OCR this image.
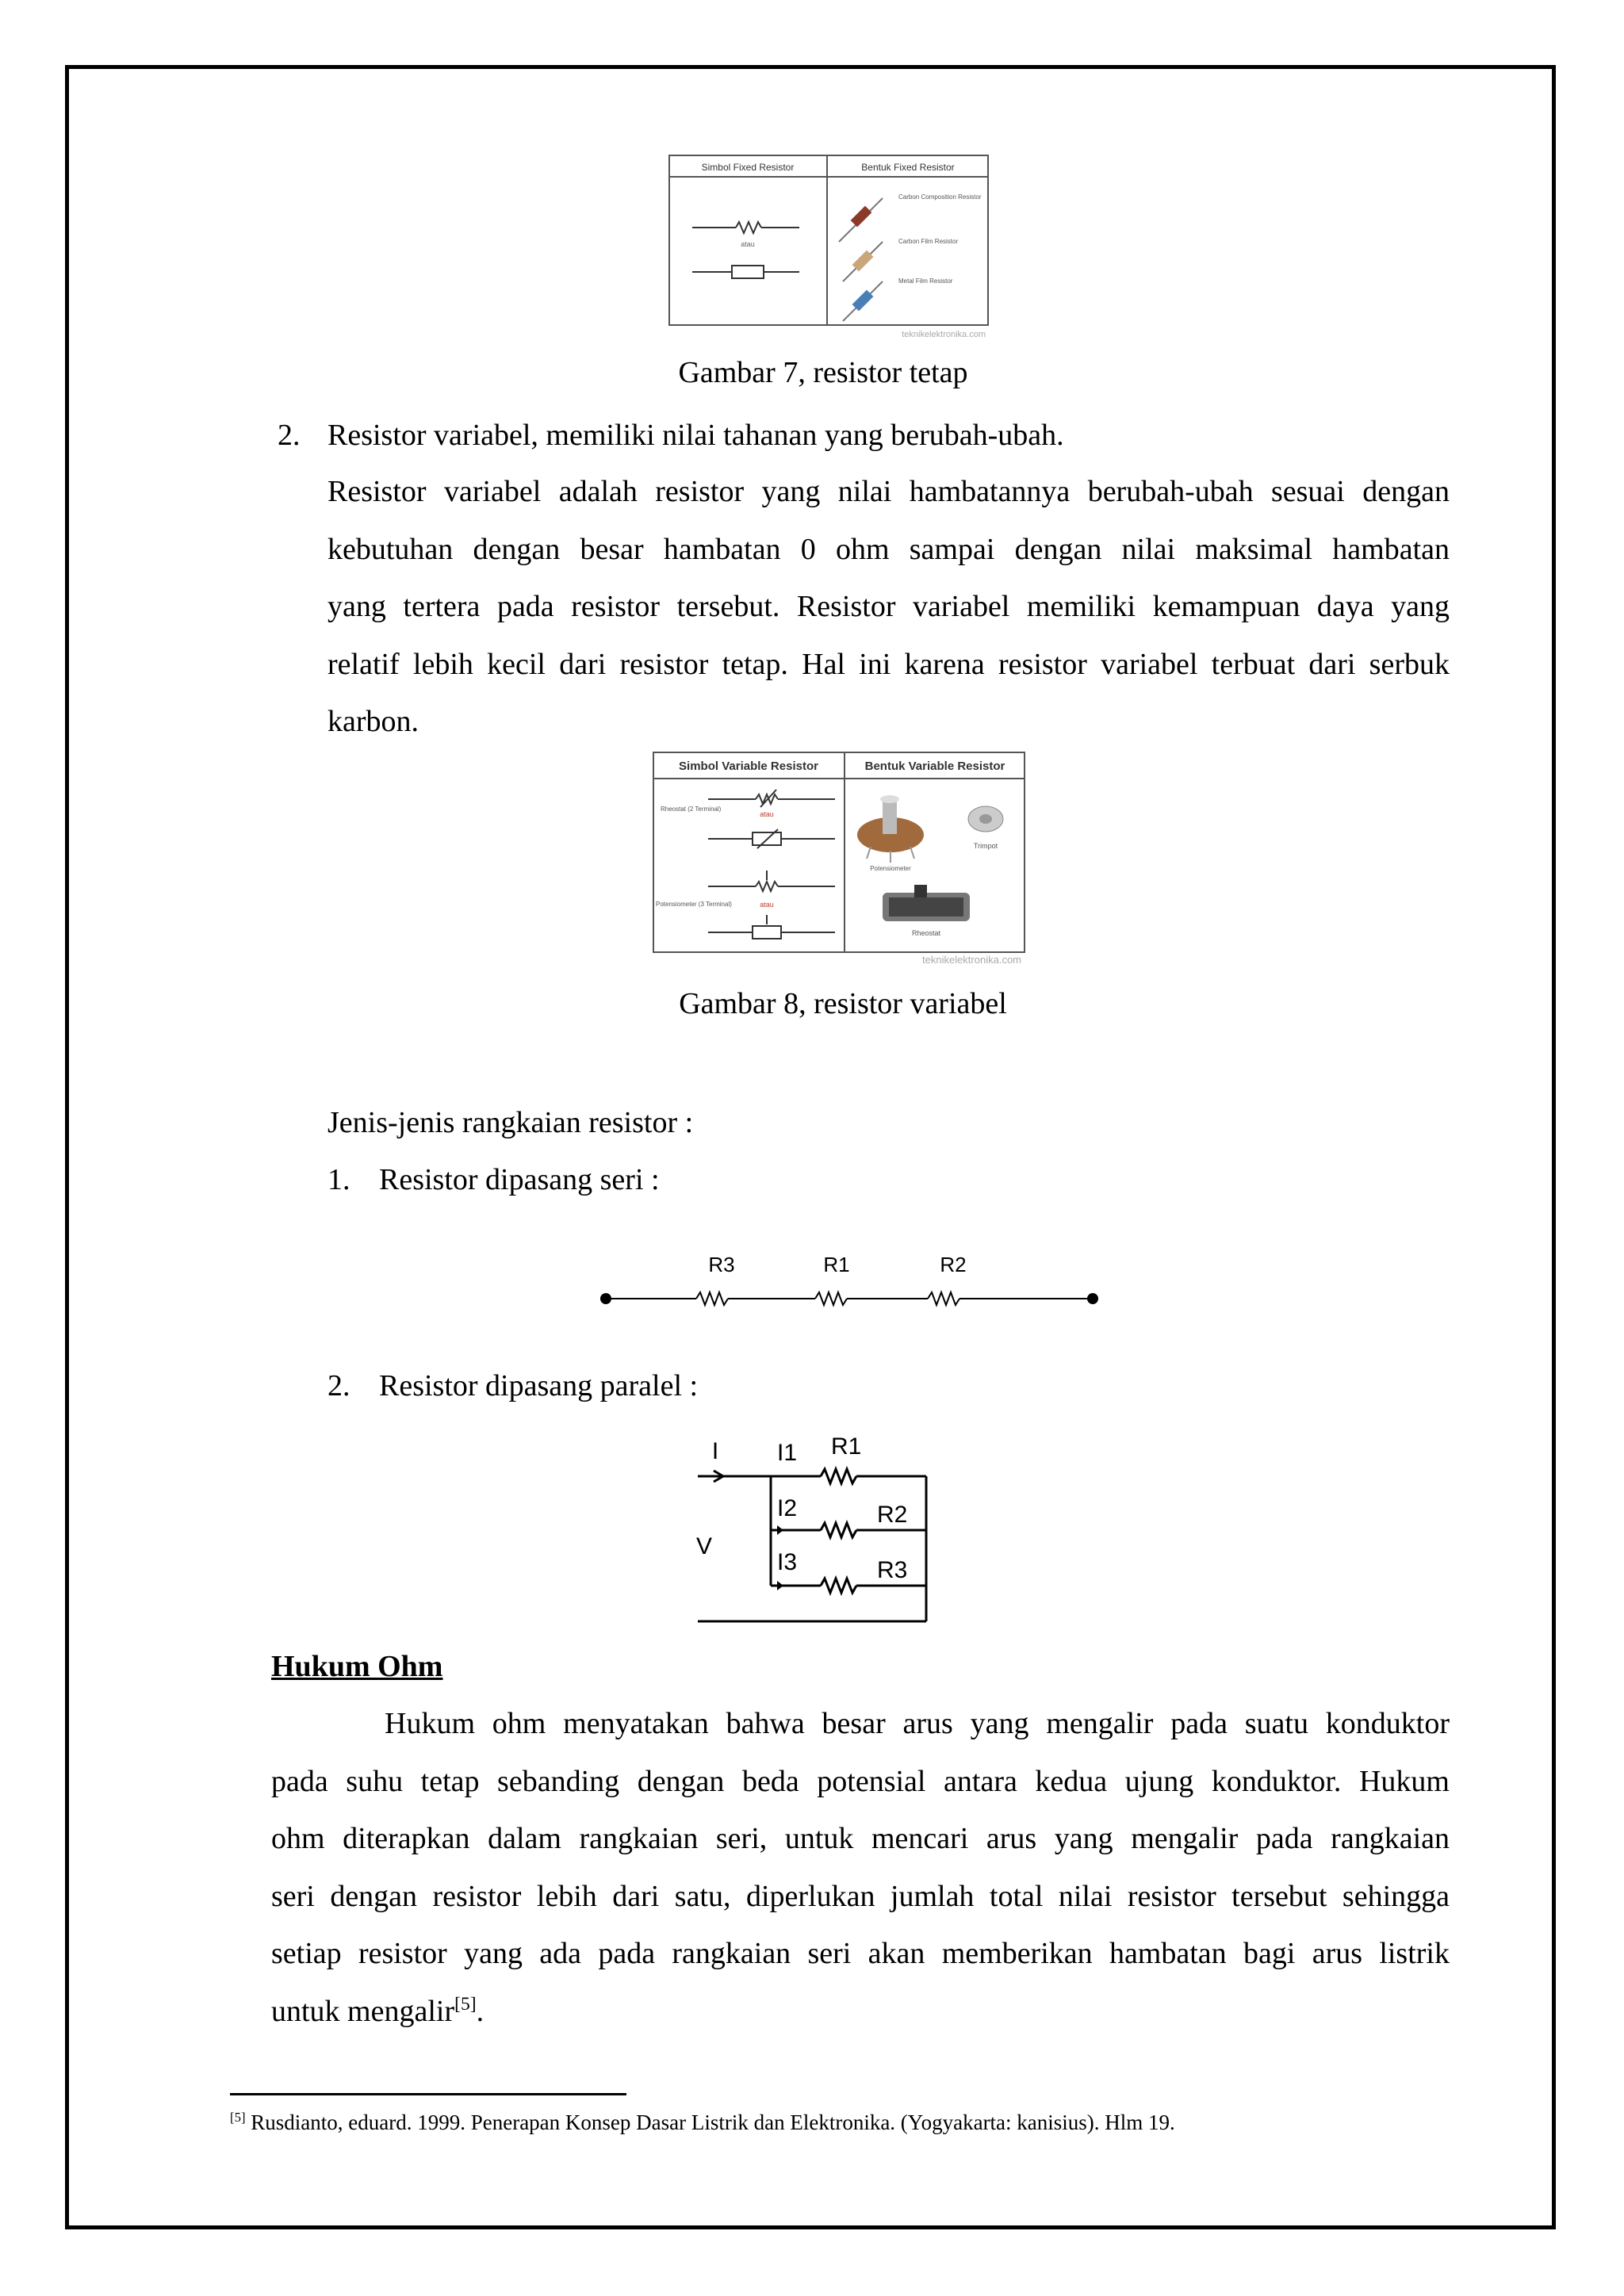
Simbol Fixed Resistor	Bentuk Fixed Resistor
atau
Carbon Composition Resistor
Carbon Film Resistor
Metal Film Resistor
teknikelektronika.com
Gambar 7, resistor tetap
2. Resistor variabel, memiliki nilai tahanan yang berubah-ubah.
Resistor variabel adalah resistor yang nilai hambatannya berubah-ubah sesuai dengan
kebutuhan dengan besar hambatan 0 ohm sampai dengan nilai maksimal hambatan
yang tertera pada resistor tersebut. Resistor variabel memiliki kemampuan daya yang
relatif lebih kecil dari resistor tetap. Hal ini karena resistor variabel terbuat dari serbuk
karbon.
Simbol Variable Resistor	Bentuk Variable Resistor
Rheostat (2 Terminal)
Potensiometer (3 Terminal)
atau
atau
Potensiometer
Trimpot
Rheostat
teknikelektronika.com
Gambar 8, resistor variabel
Jenis-jenis rangkaian resistor :
1. Resistor dipasang seri :
R3	R1	R2
2. Resistor dipasang paralel :
I
V
I1
I2
I3
R1
R2
R3
Hukum Ohm
Hukum ohm menyatakan bahwa besar arus yang mengalir pada suatu konduktor
pada suhu tetap sebanding dengan beda potensial antara kedua ujung konduktor. Hukum
ohm diterapkan dalam rangkaian seri, untuk mencari arus yang mengalir pada rangkaian
seri dengan resistor lebih dari satu, diperlukan jumlah total nilai resistor tersebut sehingga
setiap resistor yang ada pada rangkaian seri akan memberikan hambatan bagi arus listrik
untuk mengalir[5].
[5] Rusdianto, eduard. 1999. Penerapan Konsep Dasar Listrik dan Elektronika. (Yogyakarta: kanisius). Hlm 19.
